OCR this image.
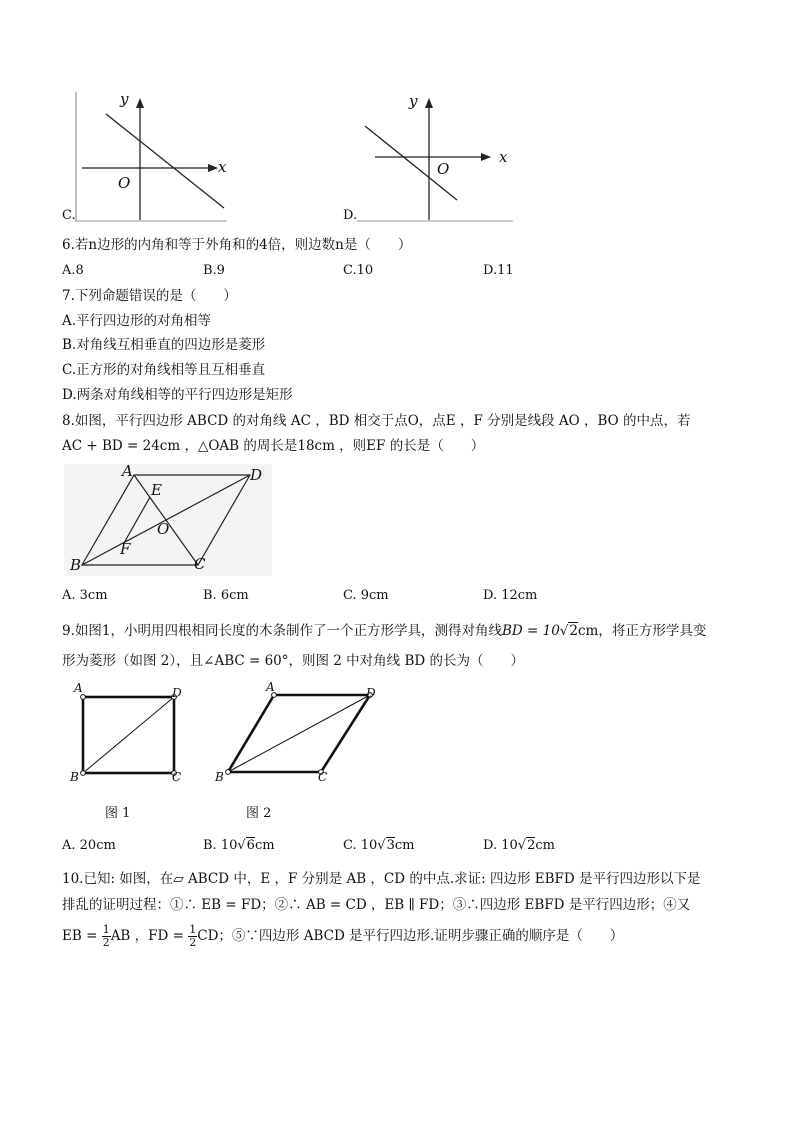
x
y
O
C.
x
y
O
D.
6.若n边形的内角和等于外角和的4倍，则边数n是（　　）
A.8	B.9	C.10	D.11
7.下列命题错误的是（　　）
A.平行四边形的对角相等
B.对角线互相垂直的四边形是菱形
C.正方形的对角线相等且互相垂直
D.两条对角线相等的平行四边形是矩形
8.如图，平行四边形 ABCD 的对角线 AC ，BD 相交于点O，点E ，F 分别是线段 AO ，BO 的中点，若
AC + BD = 24cm ，△OAB 的周长是18cm ，则EF 的长是（　　）
A	D
E
O
F
B	C
A. 3cm	B. 6cm	C. 9cm	D. 12cm
9.如图1，小明用四根相同长度的木条制作了一个正方形学具，测得对角线BD = 10√2cm，将正方形学具变
形为菱形（如图 2），且∠ABC = 60°，则图 2 中对角线 BD 的长为（　　）
A	D
B	C
图 1
A	D
B	C
图 2
A. 20cm	B. 10√6cm	C. 10√3cm	D. 10√2cm
10.已知: 如图，在▱ ABCD 中，E ，F 分别是 AB ，CD 的中点.求证: 四边形 EBFD 是平行四边形以下是
排乱的证明过程：①∴ EB = FD；②∴ AB = CD ，EB ∥ FD；③∴四边形 EBFD 是平行四边形；④又
EB = $\frac{1}{2}$ AB ，FD = $\frac{1}{2}$ CD；⑤∵四边形 ABCD 是平行四边形.证明步骤正确的顺序是（　　）
